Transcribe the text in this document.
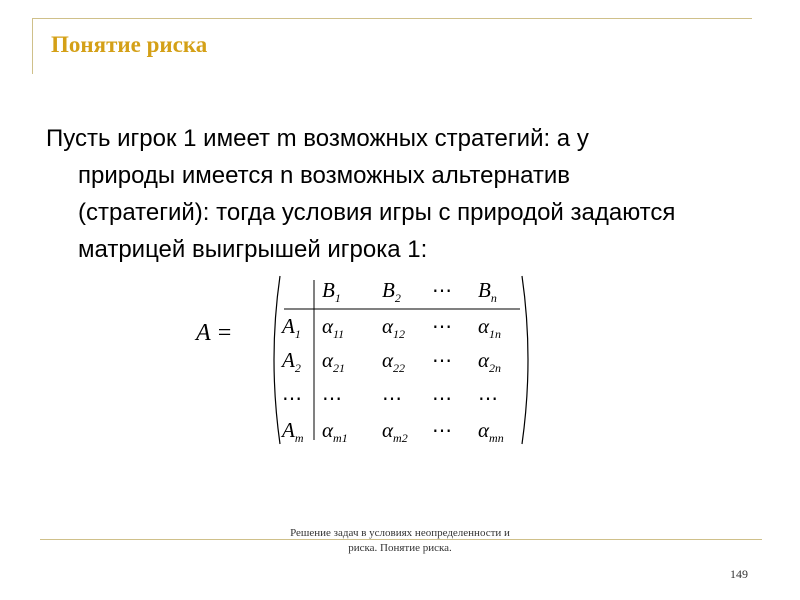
Понятие риска
Пусть игрок 1 имеет m возможных стратегий: а у
природы имеется n возможных альтернатив
(стратегий): тогда условия игры с природой задаются
матрицей выигрышей игрока 1:
A =
$B_1$ $B_2$ ⋯ $B_n$
$A_1$ $\alpha_{11}$ $\alpha_{12}$ ⋯ $\alpha_{1n}$
$A_2$ $\alpha_{21}$ $\alpha_{22}$ ⋯ $\alpha_{2n}$
⋯ ⋯ ⋯ ⋯ ⋯
$A_m$ $\alpha_{m1}$ $\alpha_{m2}$ ⋯ $\alpha_{mn}$
Решение задач в условиях неопределенности и риска. Понятие риска.
149
